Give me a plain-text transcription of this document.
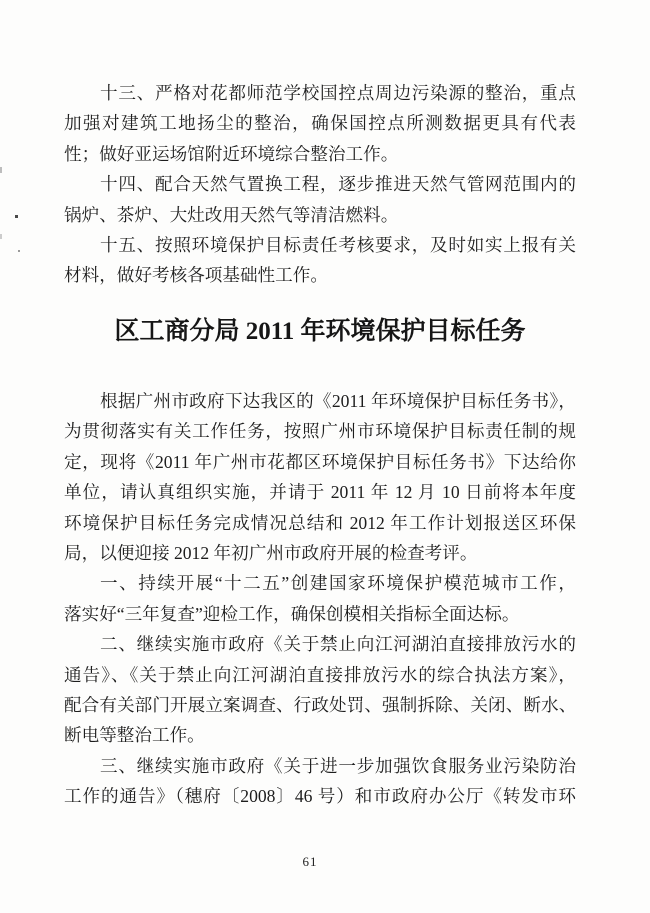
十三、严格对花都师范学校国控点周边污染源的整治，重点
加强对建筑工地扬尘的整治，确保国控点所测数据更具有代表
性；做好亚运场馆附近环境综合整治工作。
十四、配合天然气置换工程，逐步推进天然气管网范围内的
锅炉、茶炉、大灶改用天然气等清洁燃料。
十五、按照环境保护目标责任考核要求，及时如实上报有关
材料，做好考核各项基础性工作。
区工商分局 2011 年环境保护目标任务
根据广州市政府下达我区的《2011 年环境保护目标任务书》，
为贯彻落实有关工作任务，按照广州市环境保护目标责任制的规
定，现将《2011 年广州市花都区环境保护目标任务书》下达给你
单位，请认真组织实施，并请于 2011 年 12 月 10 日前将本年度
环境保护目标任务完成情况总结和 2012 年工作计划报送区环保
局，以便迎接 2012 年初广州市政府开展的检查考评。
一、持续开展“十二五”创建国家环境保护模范城市工作，
落实好“三年复查”迎检工作，确保创模相关指标全面达标。
二、继续实施市政府《关于禁止向江河湖泊直接排放污水的
通告》、《关于禁止向江河湖泊直接排放污水的综合执法方案》，
配合有关部门开展立案调查、行政处罚、强制拆除、关闭、断水、
断电等整治工作。
三、继续实施市政府《关于进一步加强饮食服务业污染防治
工作的通告》（穗府〔2008〕46 号）和市政府办公厅《转发市环
61
